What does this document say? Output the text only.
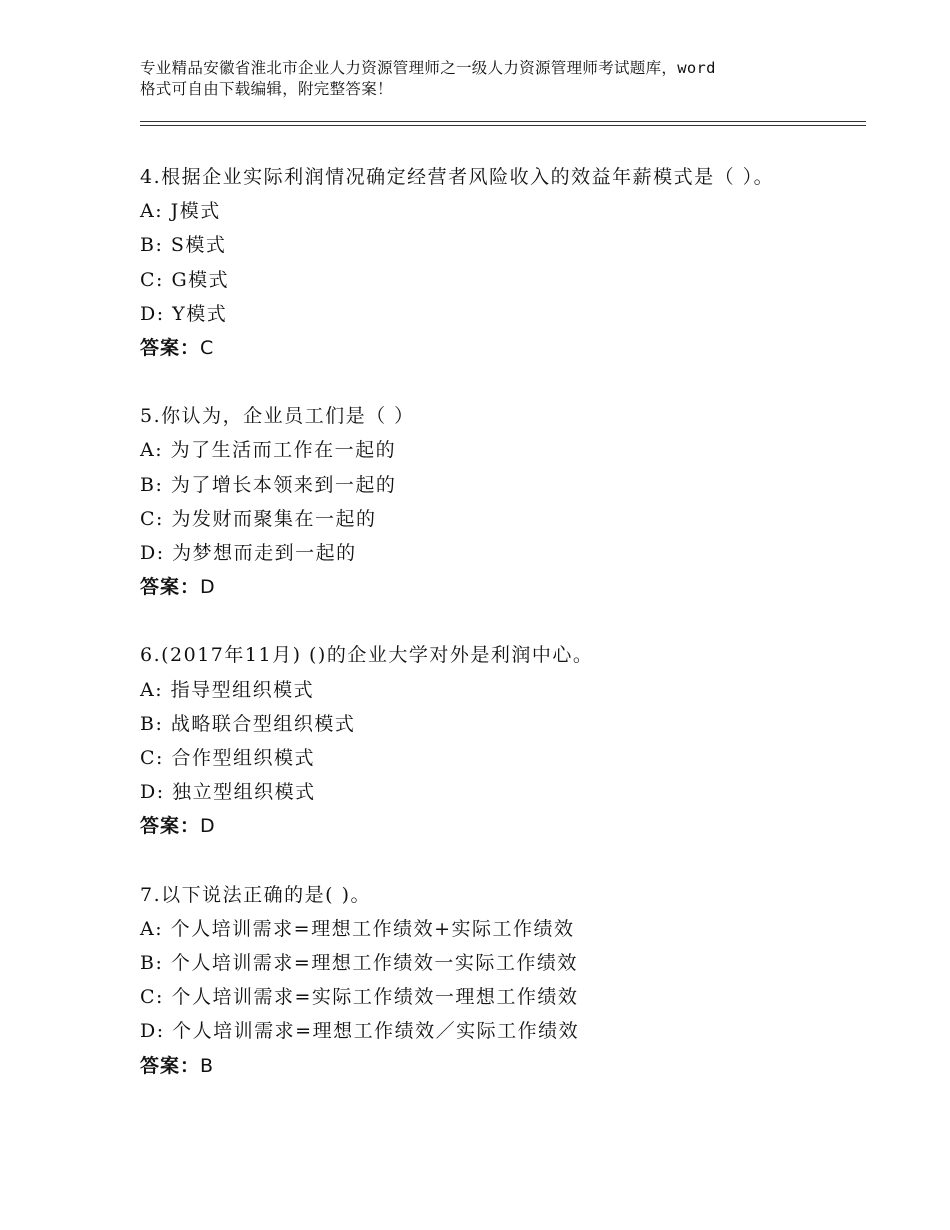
专业精品安徽省淮北市企业人力资源管理师之一级人力资源管理师考试题库，word
格式可自由下载编辑，附完整答案！
4.根据企业实际利润情况确定经营者风险收入的效益年薪模式是（ ）。
A: J模式
B: S模式
C: G模式
D: Y模式
答案：C
5.你认为，企业员工们是（ ）
A: 为了生活而工作在一起的
B: 为了增长本领来到一起的
C: 为发财而聚集在一起的
D: 为梦想而走到一起的
答案：D
6.(2017年11月) ()的企业大学对外是利润中心。
A: 指导型组织模式
B: 战略联合型组织模式
C: 合作型组织模式
D: 独立型组织模式
答案：D
7.以下说法正确的是( )。
A: 个人培训需求=理想工作绩效+实际工作绩效
B: 个人培训需求=理想工作绩效一实际工作绩效
C: 个人培训需求=实际工作绩效一理想工作绩效
D: 个人培训需求=理想工作绩效／实际工作绩效
答案：B
